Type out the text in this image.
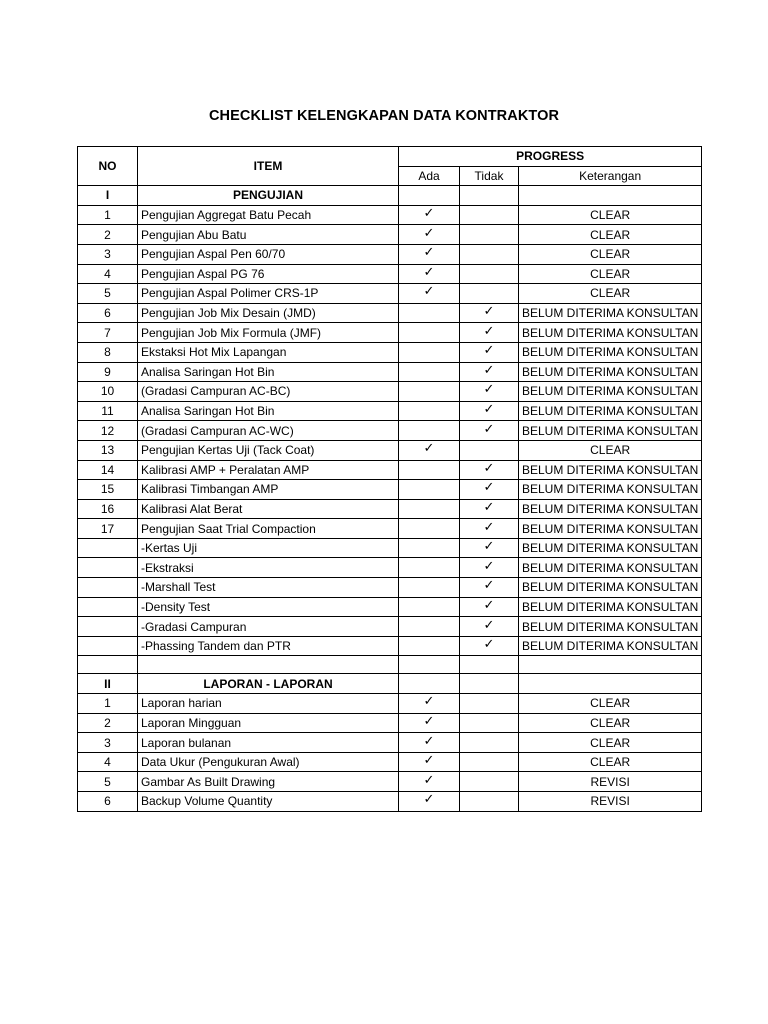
CHECKLIST KELENGKAPAN DATA KONTRAKTOR
NO	ITEM	PROGRESS		
		Ada	Tidak	Keterangan
I	PENGUJIAN			
1	Pengujian Aggregat Batu Pecah	✓		CLEAR
2	Pengujian Abu Batu	✓		CLEAR
3	Pengujian Aspal Pen 60/70	✓		CLEAR
4	Pengujian Aspal PG 76	✓		CLEAR
5	Pengujian Aspal Polimer CRS-1P	✓		CLEAR
6	Pengujian Job Mix Desain (JMD)		✓	BELUM DITERIMA KONSULTAN
7	Pengujian Job Mix Formula (JMF)		✓	BELUM DITERIMA KONSULTAN
8	Ekstaksi Hot Mix Lapangan		✓	BELUM DITERIMA KONSULTAN
9	Analisa Saringan Hot Bin		✓	BELUM DITERIMA KONSULTAN
10	(Gradasi Campuran AC-BC)		✓	BELUM DITERIMA KONSULTAN
11	Analisa Saringan Hot Bin		✓	BELUM DITERIMA KONSULTAN
12	(Gradasi Campuran AC-WC)		✓	BELUM DITERIMA KONSULTAN
13	Pengujian Kertas Uji (Tack Coat)	✓		CLEAR
14	Kalibrasi AMP + Peralatan AMP		✓	BELUM DITERIMA KONSULTAN
15	Kalibrasi Timbangan AMP		✓	BELUM DITERIMA KONSULTAN
16	Kalibrasi Alat Berat		✓	BELUM DITERIMA KONSULTAN
17	Pengujian Saat Trial Compaction		✓	BELUM DITERIMA KONSULTAN
	-Kertas Uji		✓	BELUM DITERIMA KONSULTAN
	-Ekstraksi		✓	BELUM DITERIMA KONSULTAN
	-Marshall Test		✓	BELUM DITERIMA KONSULTAN
	-Density Test		✓	BELUM DITERIMA KONSULTAN
	-Gradasi Campuran		✓	BELUM DITERIMA KONSULTAN
	-Phassing Tandem dan PTR		✓	BELUM DITERIMA KONSULTAN

II	LAPORAN - LAPORAN			
1	Laporan harian	✓		CLEAR
2	Laporan Mingguan	✓		CLEAR
3	Laporan bulanan	✓		CLEAR
4	Data Ukur (Pengukuran Awal)	✓		CLEAR
5	Gambar As Built Drawing	✓		REVISI
6	Backup Volume Quantity	✓		REVISI
